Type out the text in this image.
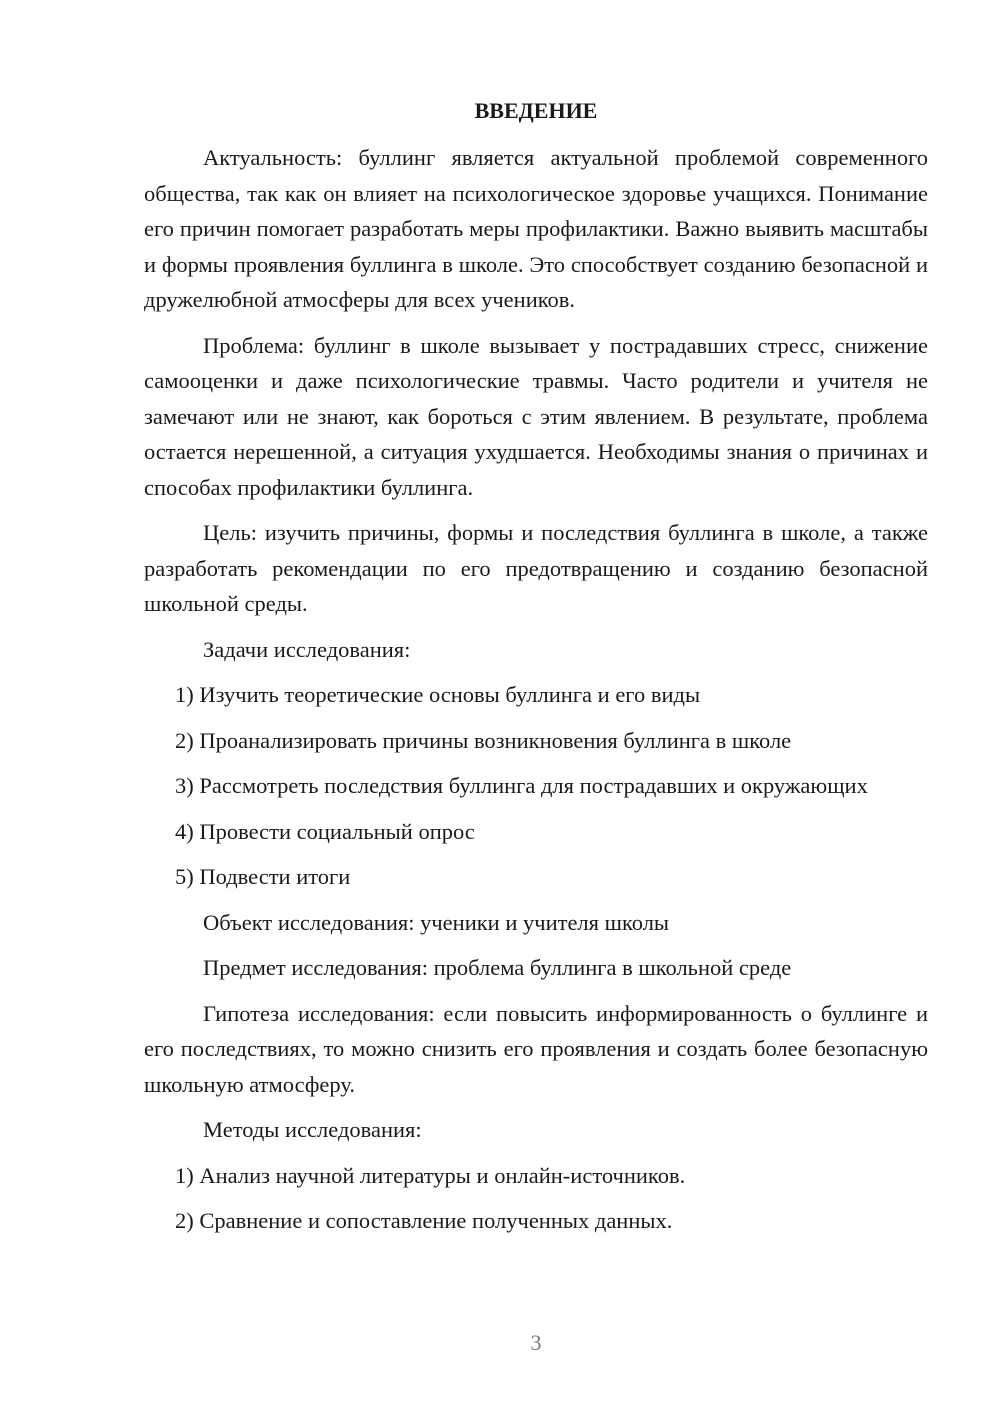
ВВЕДЕНИЕ

Актуальность: буллинг является актуальной проблемой современного общества, так как он влияет на психологическое здоровье учащихся. Понимание его причин помогает разработать меры профилактики. Важно выявить масштабы и формы проявления буллинга в школе. Это способствует созданию безопасной и дружелюбной атмосферы для всех учеников.

Проблема: буллинг в школе вызывает у пострадавших стресс, снижение самооценки и даже психологические травмы. Часто родители и учителя не замечают или не знают, как бороться с этим явлением. В результате, проблема остается нерешенной, а ситуация ухудшается. Необходимы знания о причинах и способах профилактики буллинга.

Цель: изучить причины, формы и последствия буллинга в школе, а также разработать рекомендации по его предотвращению и созданию безопасной школьной среды.

Задачи исследования:

1) Изучить теоретические основы буллинга и его виды

2) Проанализировать причины возникновения буллинга в школе

3) Рассмотреть последствия буллинга для пострадавших и окружающих

4) Провести социальный опрос

5) Подвести итоги

Объект исследования: ученики и учителя школы

Предмет исследования: проблема буллинга в школьной среде

Гипотеза исследования: если повысить информированность о буллинге и его последствиях, то можно снизить его проявления и создать более безопасную школьную атмосферу.

Методы исследования:

1) Анализ научной литературы и онлайн-источников.

2) Сравнение и сопоставление полученных данных.

3
